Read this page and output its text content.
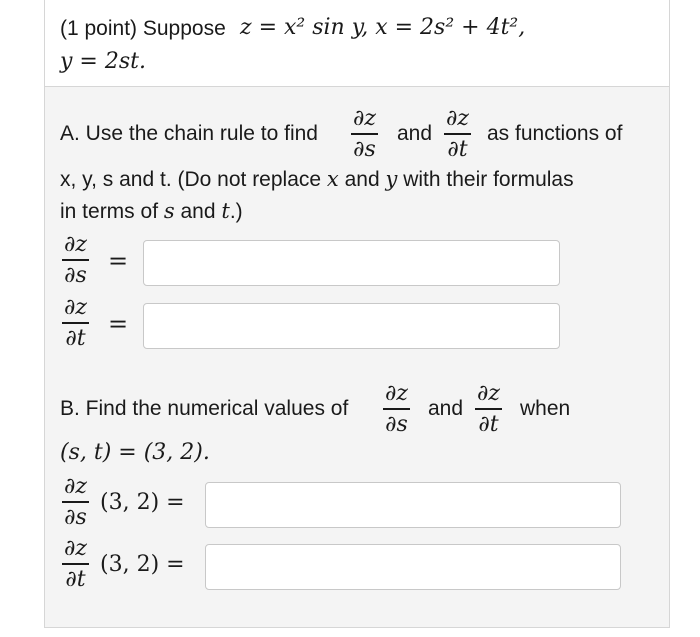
(1 point) Suppose z = x² sin y, x = 2s² + 4t²,
y = 2st.
A. Use the chain rule to find
∂z
∂s
and
∂z
∂t
as functions of
x, y, s and t. (Do not replace x and y with their formulas
in terms of s and t.)
∂z
∂s =
∂z
∂t =
B. Find the numerical values of
∂z
∂s
and
∂z
∂t
when
(s, t) = (3, 2).
∂z
∂s
(3, 2) =
∂z
∂t
(3, 2) =
